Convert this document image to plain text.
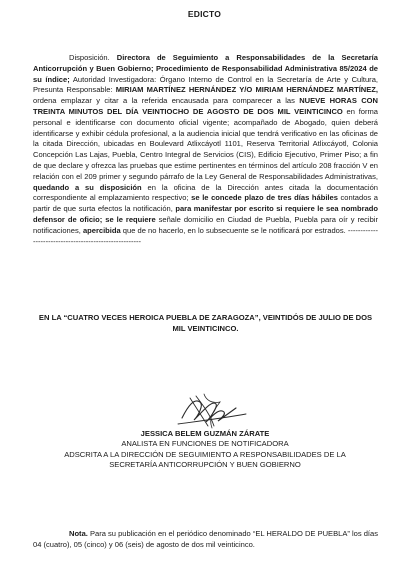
EDICTO
Disposición. Directora de Seguimiento a Responsabilidades de la Secretaría Anticorrupción y Buen Gobierno; Procedimiento de Responsabilidad Administrativa 85/2024 de su índice; Autoridad Investigadora: Órgano Interno de Control en la Secretaría de Arte y Cultura, Presunta Responsable: MIRIAM MARTÍNEZ HERNÁNDEZ Y/O MIRIAM HERNÁNDEZ MARTÍNEZ, ordena emplazar y citar a la referida encausada para comparecer a las NUEVE HORAS CON TREINTA MINUTOS DEL DÍA VEINTIOCHO DE AGOSTO DE DOS MIL VEINTICINCO en forma personal e identificarse con documento oficial vigente; acompañado de Abogado, quien deberá identificarse y exhibir cédula profesional, a la audiencia inicial que tendrá verificativo en las oficinas de la citada Dirección, ubicadas en Boulevard Atlixcáyotl 1101, Reserva Territorial Atlixcáyotl, Colonia Concepción Las Lajas, Puebla, Centro Integral de Servicios (CIS), Edificio Ejecutivo, Primer Piso; a fin de que declare y ofrezca las pruebas que estime pertinentes en términos del artículo 208 fracción V en relación con el 209 primer y segundo párrafo de la Ley General de Responsabilidades Administrativas, quedando a su disposición en la oficina de la Dirección antes citada la documentación correspondiente al emplazamiento respectivo; se le concede plazo de tres días hábiles contados a partir de que surta efectos la notificación, para manifestar por escrito si requiere le sea nombrado defensor de oficio; se le requiere señale domicilio en Ciudad de Puebla, Puebla para oír y recibir notificaciones, apercibida que de no hacerlo, en lo subsecuente se le notificará por estrados. -------------------------------------------------------
EN LA “CUATRO VECES HEROICA PUEBLA DE ZARAGOZA”, VEINTIDÓS DE JULIO DE DOS MIL VEINTICINCO.
JESSICA BELEM GUZMÁN ZÁRATE
ANALISTA EN FUNCIONES DE NOTIFICADORA
ADSCRITA A LA DIRECCIÓN DE SEGUIMIENTO A RESPONSABILIDADES DE LA
SECRETARÍA ANTICORRUPCIÓN Y BUEN GOBIERNO
Nota. Para su publicación en el periódico denominado “EL HERALDO DE PUEBLA” los días 04 (cuatro), 05 (cinco) y 06 (seis) de agosto de dos mil veinticinco.
